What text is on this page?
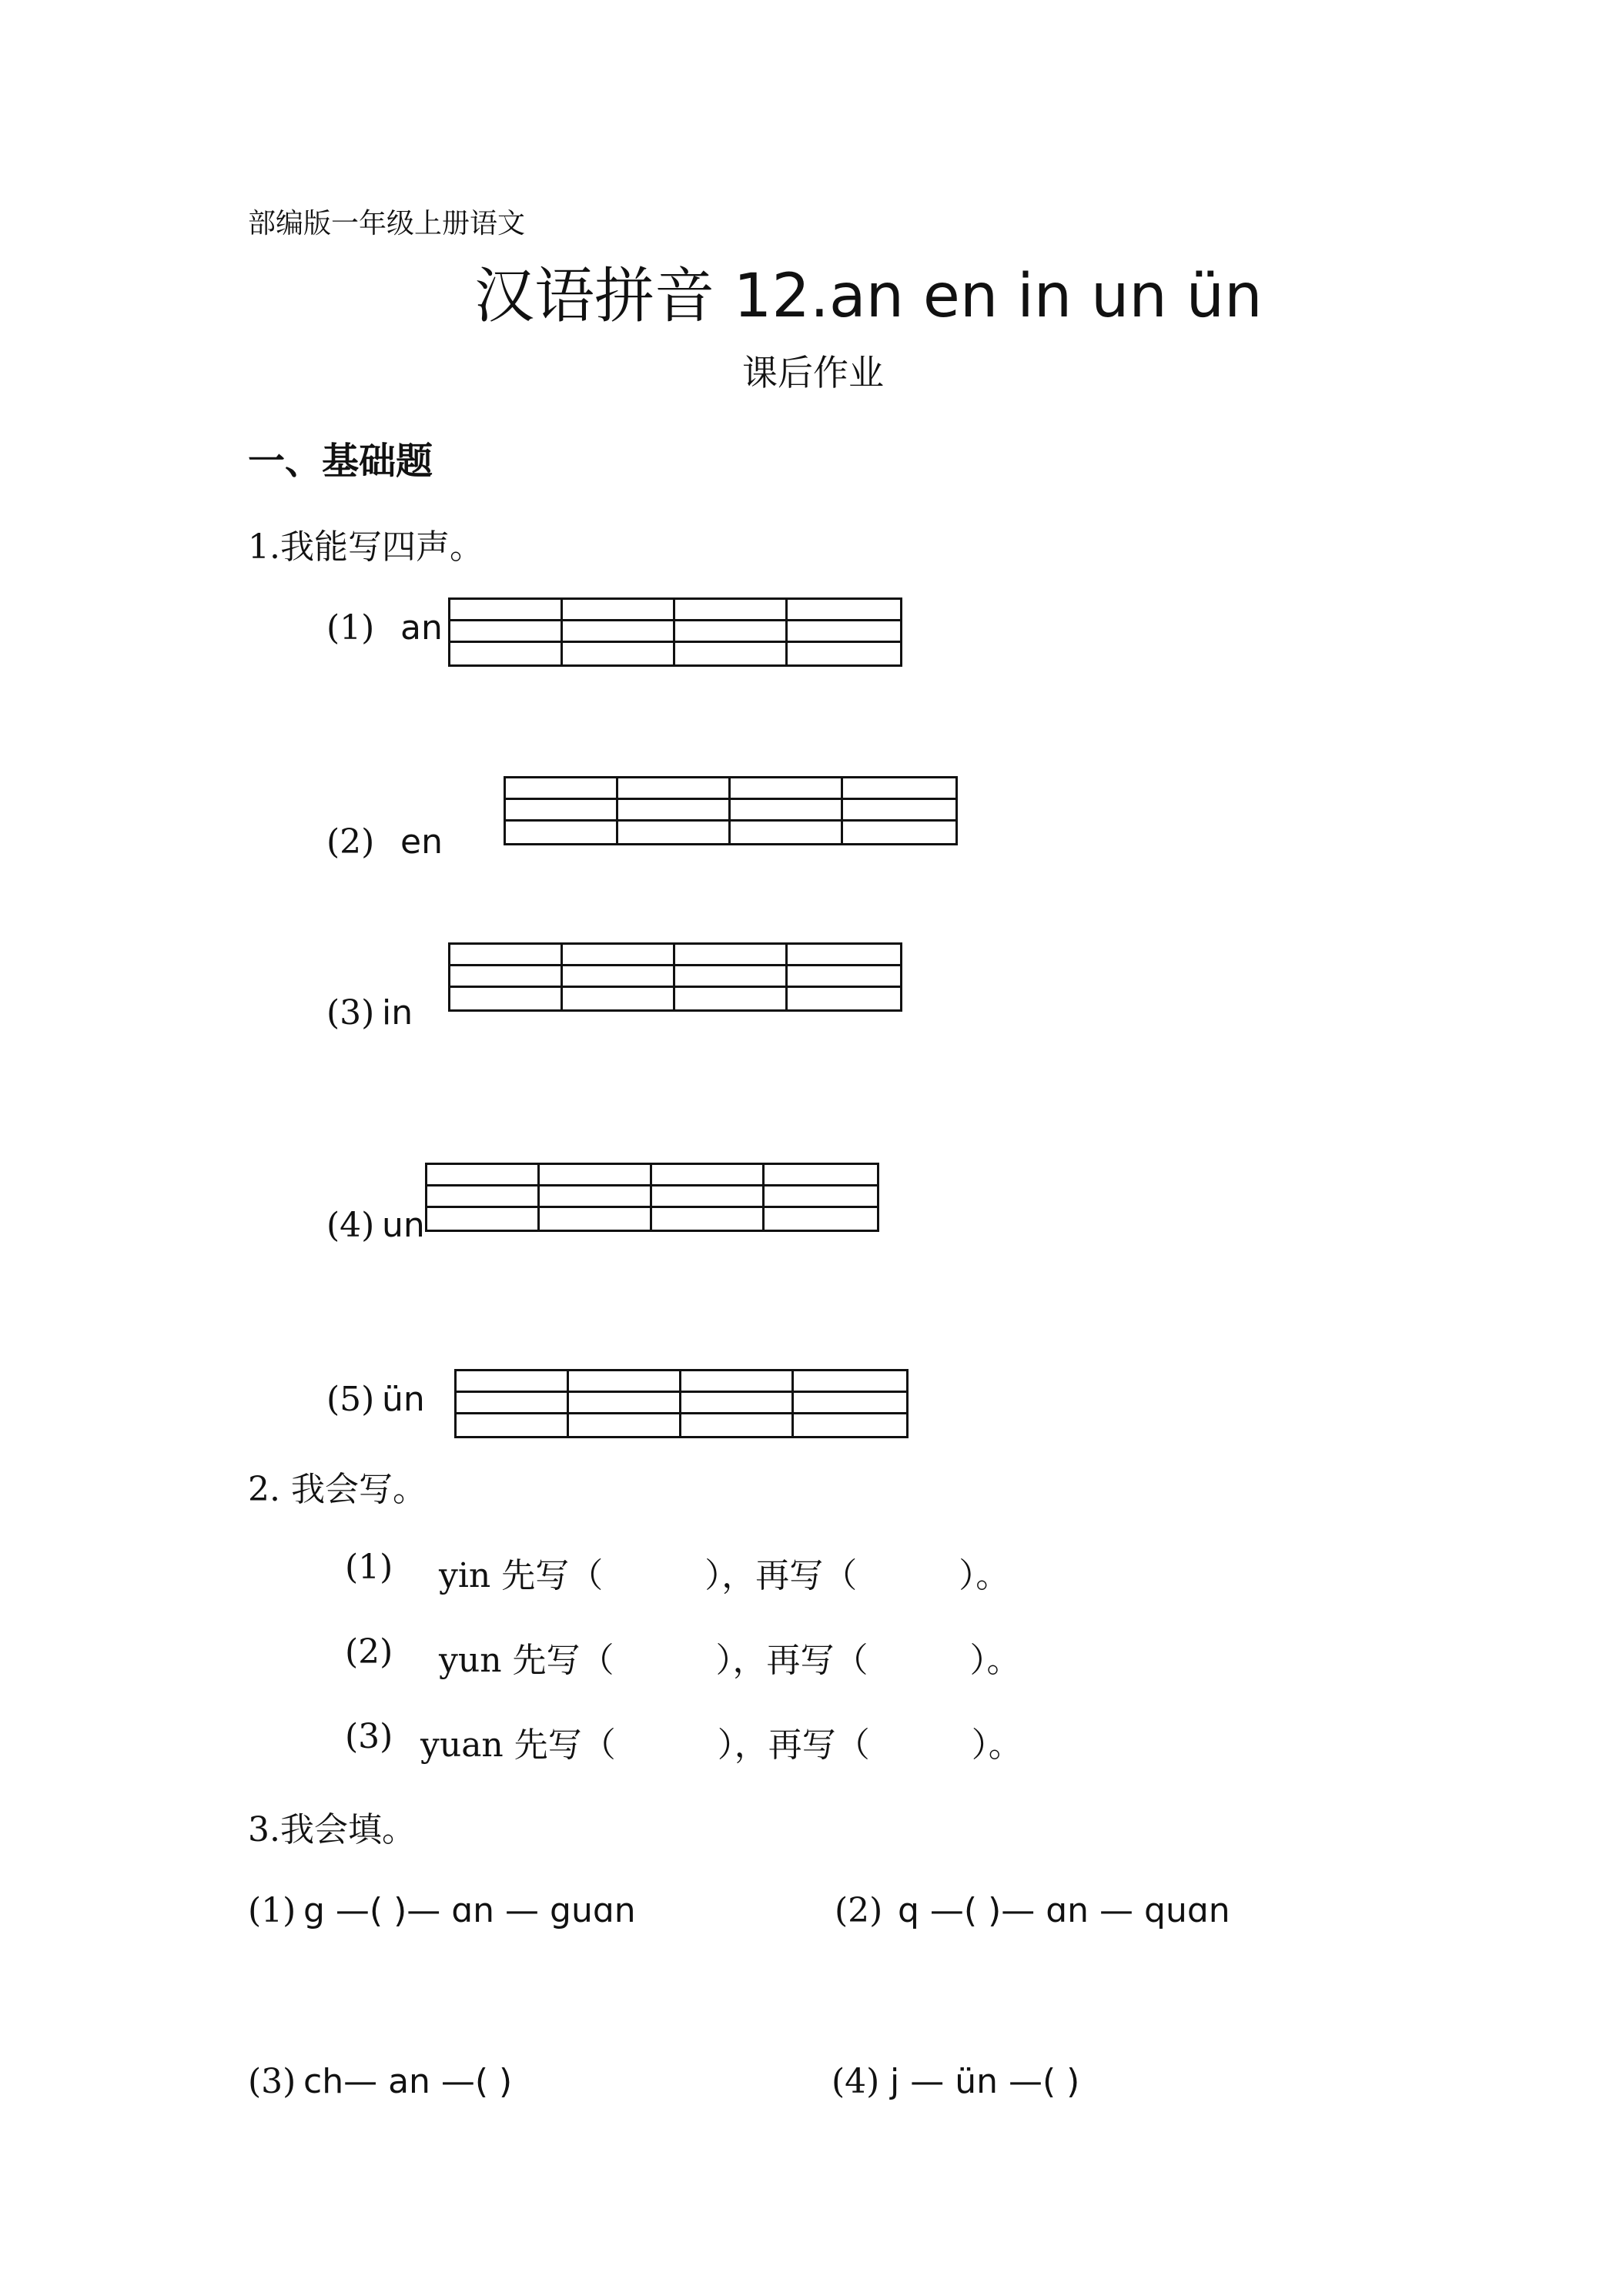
部编版一年级上册语文
汉语拼音 12.an en in un ün
课后作业
一、基础题
1.我能写四声。
(1) an
(2) en
(3) in
(4) un
(5) ün
2. 我会写。
(1) yin 先写（　　　），再写（　　　）。
(2) yun 先写（　　　），再写（　　　）。
(3) yuan 先写（　　　），再写（　　　）。
3.我会填。
(1) g —( )— ɑn — guɑn	(2) q —( )— ɑn — quɑn
(3) ch— an —( )	(4) j — ün —( )
